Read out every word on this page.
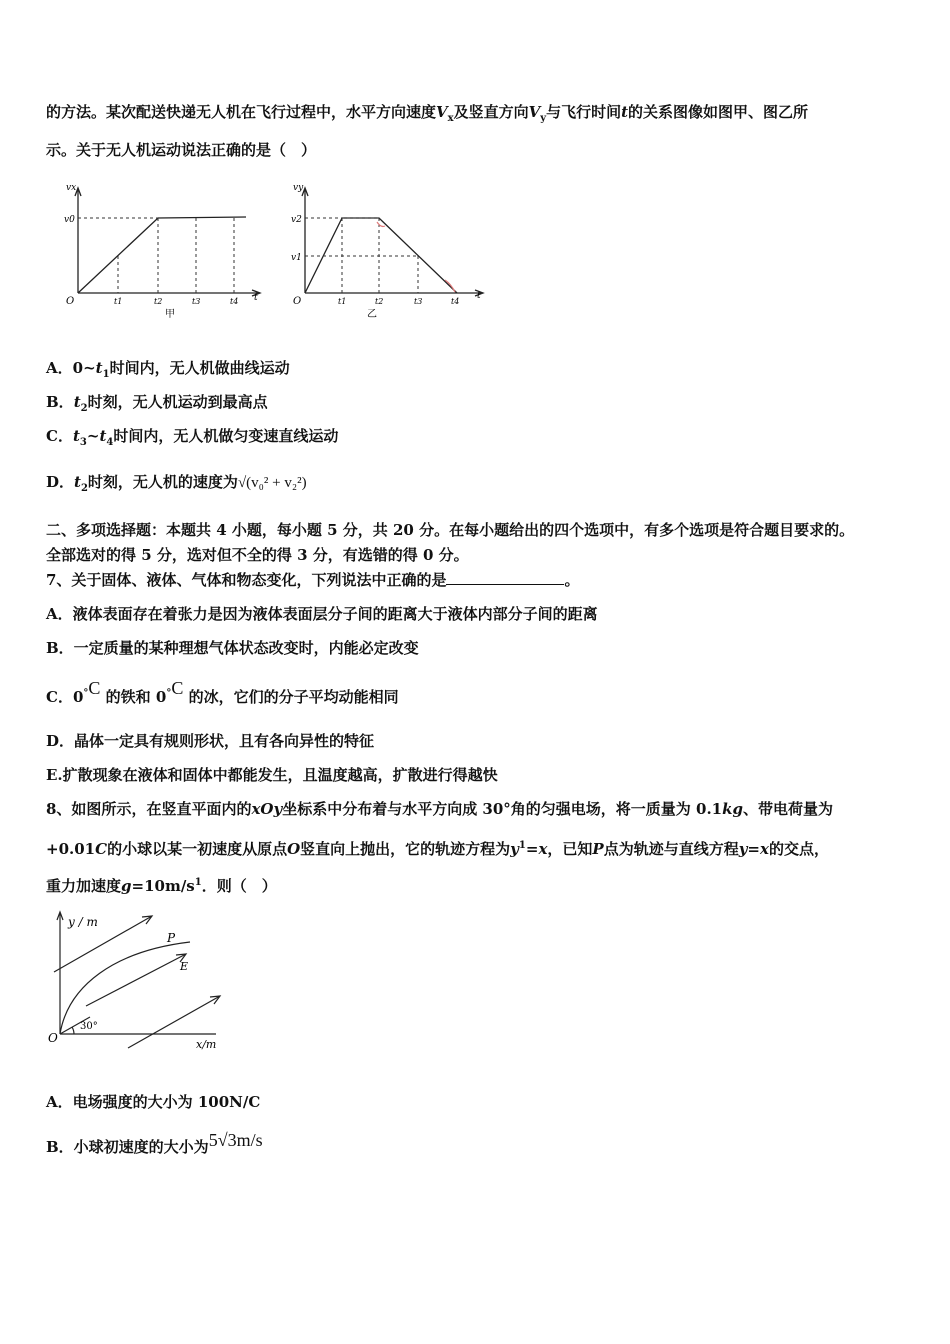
的方法。某次配送快递无人机在飞行过程中，水平方向速度$V_x$及竖直方向$V_y$与飞行时间t的关系图像如图甲、图乙所
示。关于无人机运动说法正确的是（　）
vx
v0
O	t1	t2	t3	t4 t
甲
vy
v2
v1
O	t1	t2	t3	t4
t
乙
A．$0\sim t_1$时间内，无人机做曲线运动
B．$t_2$时刻，无人机运动到最高点
C．$t_3\sim t_4$时间内，无人机做匀变速直线运动
D．$t_2$时刻，无人机的速度为√(v₀² + v₂²)
二、多项选择题：本题共 4 小题，每小题 5 分，共 20 分。在每小题给出的四个选项中，有多个选项是符合题目要求的。
全部选对的得 5 分，选对但不全的得 3 分，有选错的得 0 分。
7、关于固体、液体、气体和物态变化，下列说法中正确的是	。
A．液体表面存在着张力是因为液体表面层分子间的距离大于液体内部分子间的距离
B．一定质量的某种理想气体状态改变时，内能必定改变
C．0°C 的铁和 0°C 的冰，它们的分子平均动能相同
D．晶体一定具有规则形状，且有各向异性的特征
E.扩散现象在液体和固体中都能发生，且温度越高，扩散进行得越快
8、如图所示，在竖直平面内的xOy坐标系中分布着与水平方向成 30°角的匀强电场，将一质量为 0.1kg、带电荷量为
+0.01C的小球以某一初速度从原点O竖直向上抛出，它的轨迹方程为$y^1=x$，已知P点为轨迹与直线方程y=x的交点，
重力加速度$g=10m/s^1$．则（　）
y / m
O
P
E
30°
x/m
A．电场强度的大小为 100N/C
B．小球初速度的大小为5√3m/s
